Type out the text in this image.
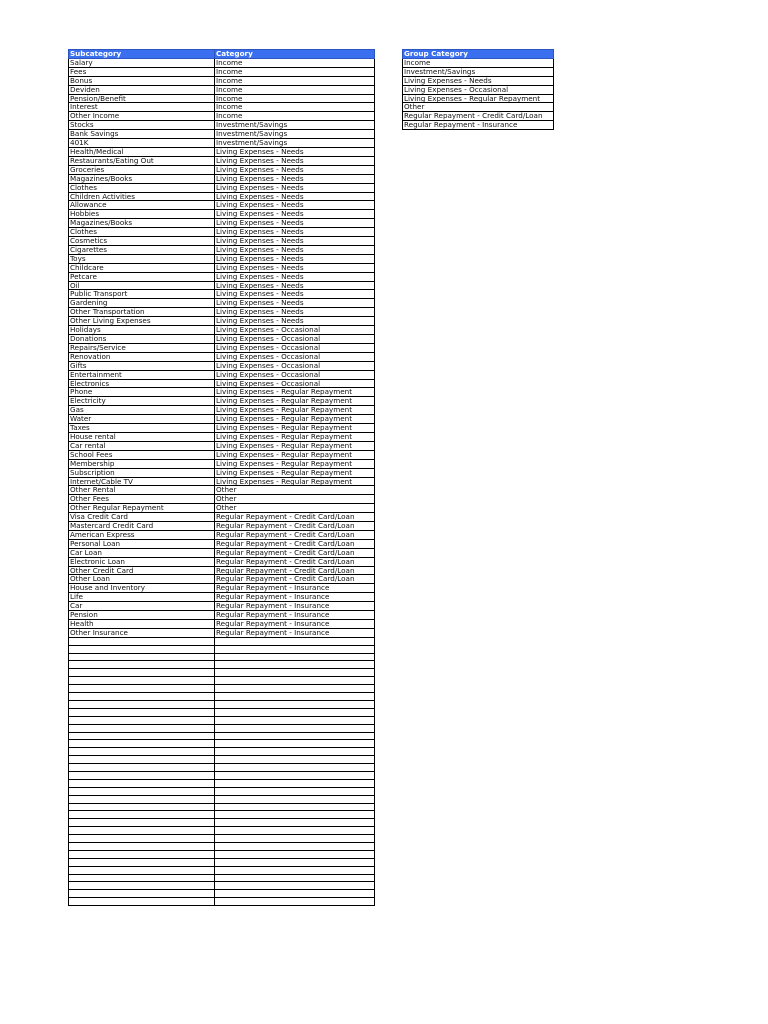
Subcategory	Category
Salary	Income
Fees	Income
Bonus	Income
Deviden	Income
Pension/Benefit	Income
Interest	Income
Other Income	Income
Stocks	Investment/Savings
Bank Savings	Investment/Savings
401K	Investment/Savings
Health/Medical	Living Expenses - Needs
Restaurants/Eating Out	Living Expenses - Needs
Groceries	Living Expenses - Needs
Magazines/Books	Living Expenses - Needs
Clothes	Living Expenses - Needs
Children Activities	Living Expenses - Needs
Allowance	Living Expenses - Needs
Hobbies	Living Expenses - Needs
Magazines/Books	Living Expenses - Needs
Clothes	Living Expenses - Needs
Cosmetics	Living Expenses - Needs
Cigarettes	Living Expenses - Needs
Toys	Living Expenses - Needs
Childcare	Living Expenses - Needs
Petcare	Living Expenses - Needs
Oil	Living Expenses - Needs
Public Transport	Living Expenses - Needs
Gardening	Living Expenses - Needs
Other Transportation	Living Expenses - Needs
Other Living Expenses	Living Expenses - Needs
Holidays	Living Expenses - Occasional
Donations	Living Expenses - Occasional
Repairs/Service	Living Expenses - Occasional
Renovation	Living Expenses - Occasional
Gifts	Living Expenses - Occasional
Entertainment	Living Expenses - Occasional
Electronics	Living Expenses - Occasional
Phone	Living Expenses - Regular Repayment
Electricity	Living Expenses - Regular Repayment
Gas	Living Expenses - Regular Repayment
Water	Living Expenses - Regular Repayment
Taxes	Living Expenses - Regular Repayment
House rental	Living Expenses - Regular Repayment
Car rental	Living Expenses - Regular Repayment
School Fees	Living Expenses - Regular Repayment
Membership	Living Expenses - Regular Repayment
Subscription	Living Expenses - Regular Repayment
Internet/Cable TV	Living Expenses - Regular Repayment
Other Rental	Other
Other Fees	Other
Other Regular Repayment	Other
Visa Credit Card	Regular Repayment - Credit Card/Loan
Mastercard Credit Card	Regular Repayment - Credit Card/Loan
American Express	Regular Repayment - Credit Card/Loan
Personal Loan	Regular Repayment - Credit Card/Loan
Car Loan	Regular Repayment - Credit Card/Loan
Electronic Loan	Regular Repayment - Credit Card/Loan
Other Credit Card	Regular Repayment - Credit Card/Loan
Other Loan	Regular Repayment - Credit Card/Loan
House and Inventory	Regular Repayment - Insurance
Life	Regular Repayment - Insurance
Car	Regular Repayment - Insurance
Pension	Regular Repayment - Insurance
Health	Regular Repayment - Insurance
Other Insurance	Regular Repayment - Insurance

Group Category
Income
Investment/Savings
Living Expenses - Needs
Living Expenses - Occasional
Living Expenses - Regular Repayment
Other
Regular Repayment - Credit Card/Loan
Regular Repayment - Insurance
